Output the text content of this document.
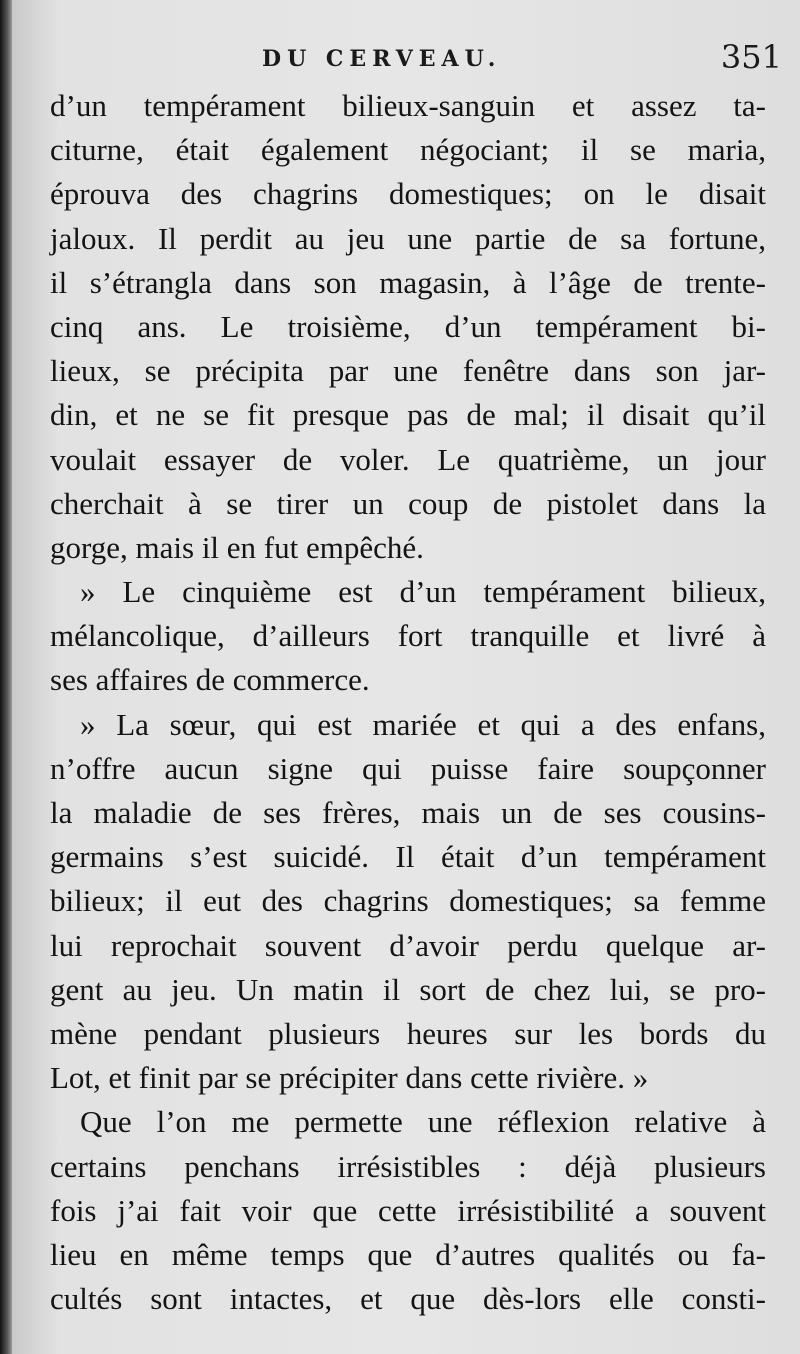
DU CERVEAU.	351
d’un tempérament bilieux-sanguin et assez ta-
citurne, était également négociant; il se maria,
éprouva des chagrins domestiques; on le disait
jaloux. Il perdit au jeu une partie de sa fortune,
il s’étrangla dans son magasin, à l’âge de trente-
cinq ans. Le troisième, d’un tempérament bi-
lieux, se précipita par une fenêtre dans son jar-
din, et ne se fit presque pas de mal; il disait qu’il
voulait essayer de voler. Le quatrième, un jour
cherchait à se tirer un coup de pistolet dans la
gorge, mais il en fut empêché.
» Le cinquième est d’un tempérament bilieux,
mélancolique, d’ailleurs fort tranquille et livré à
ses affaires de commerce.
» La sœur, qui est mariée et qui a des enfans,
n’offre aucun signe qui puisse faire soupçonner
la maladie de ses frères, mais un de ses cousins-
germains s’est suicidé. Il était d’un tempérament
bilieux; il eut des chagrins domestiques; sa femme
lui reprochait souvent d’avoir perdu quelque ar-
gent au jeu. Un matin il sort de chez lui, se pro-
mène pendant plusieurs heures sur les bords du
Lot, et finit par se précipiter dans cette rivière. »
Que l’on me permette une réflexion relative à
certains penchans irrésistibles : déjà plusieurs
fois j’ai fait voir que cette irrésistibilité a souvent
lieu en même temps que d’autres qualités ou fa-
cultés sont intactes, et que dès-lors elle consti-
